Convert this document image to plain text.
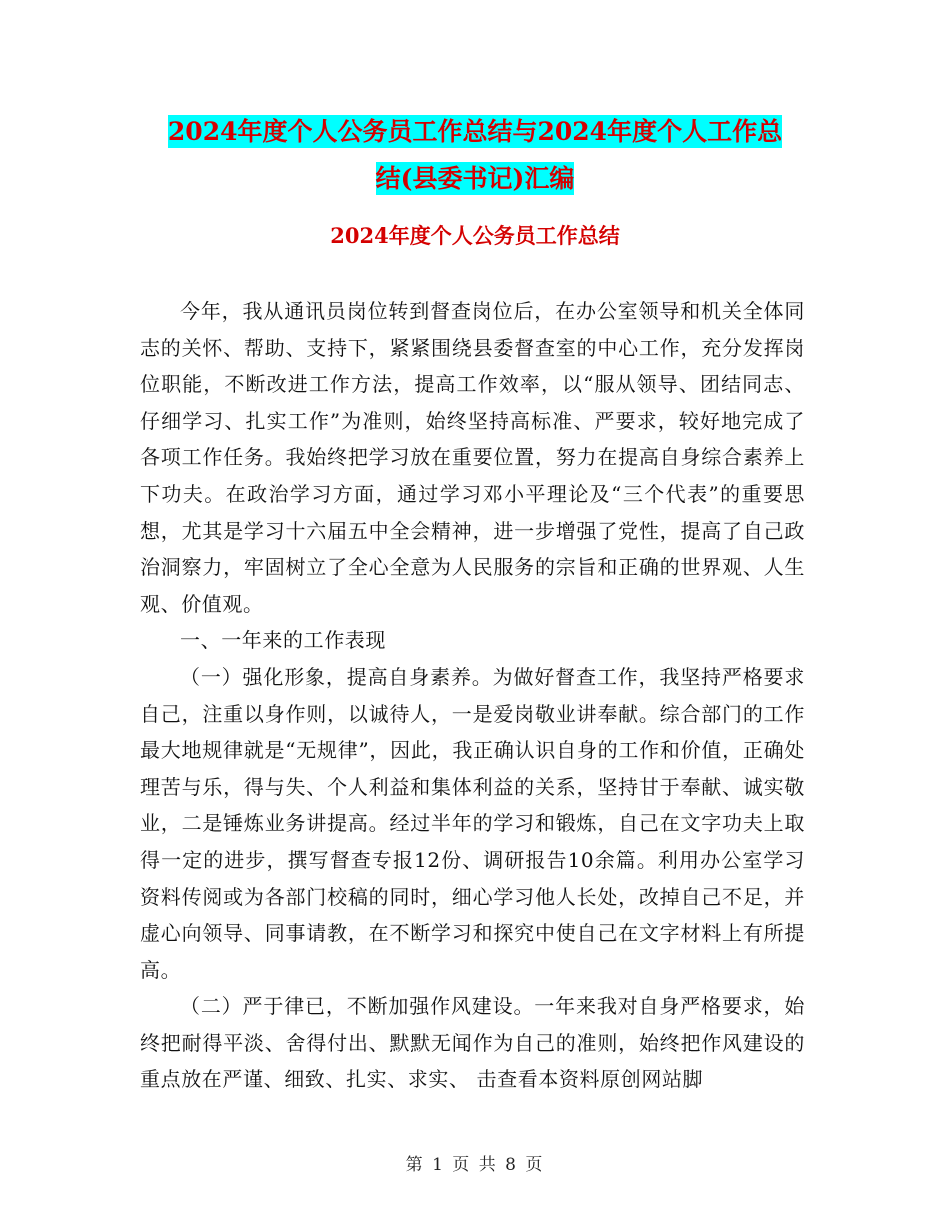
2024年度个人公务员工作总结与2024年度个人工作总
结(县委书记)汇编
2024年度个人公务员工作总结

今年，我从通讯员岗位转到督查岗位后，在办公室领导和机关全体同志的关怀、帮助、支持下，紧紧围绕县委督查室的中心工作，充分发挥岗位职能，不断改进工作方法，提高工作效率，以“服从领导、团结同志、仔细学习、扎实工作”为准则，始终坚持高标准、严要求，较好地完成了各项工作任务。我始终把学习放在重要位置，努力在提高自身综合素养上下功夫。在政治学习方面，通过学习邓小平理论及“三个代表”的重要思想，尤其是学习十六届五中全会精神，进一步增强了党性，提高了自己政治洞察力，牢固树立了全心全意为人民服务的宗旨和正确的世界观、人生观、价值观。

一、一年来的工作表现

（一）强化形象，提高自身素养。为做好督查工作，我坚持严格要求自己，注重以身作则，以诚待人，一是爱岗敬业讲奉献。综合部门的工作最大地规律就是“无规律”，因此，我正确认识自身的工作和价值，正确处理苦与乐，得与失、个人利益和集体利益的关系，坚持甘于奉献、诚实敬业，二是锤炼业务讲提高。经过半年的学习和锻炼，自己在文字功夫上取得一定的进步，撰写督查专报12份、调研报告10余篇。利用办公室学习资料传阅或为各部门校稿的同时，细心学习他人长处，改掉自己不足，并虚心向领导、同事请教，在不断学习和探究中使自己在文字材料上有所提高。

（二）严于律已，不断加强作风建设。一年来我对自身严格要求，始终把耐得平淡、舍得付出、默默无闻作为自己的准则，始终把作风建设的重点放在严谨、细致、扎实、求实、 击查看本资料原创网站脚

第 1 页 共 8 页
